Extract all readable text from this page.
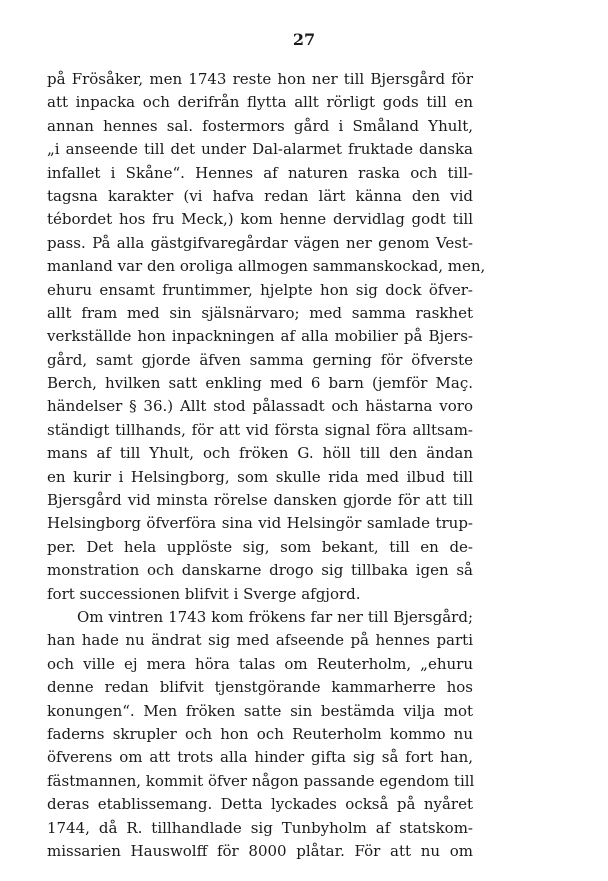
27
på Frösåker, men 1743 reste hon ner till Bjersgård för
att inpacka och derifrån flytta allt rörligt gods till en
annan hennes sal. fostermors gård i Småland Yhult,
„i anseende till det under Dal-alarmet fruktade danska
infallet i Skåne“. Hennes af naturen raska och till-
tagsna karakter (vi hafva redan lärt känna den vid
tébordet hos fru Meck,) kom henne dervidlag godt till
pass. På alla gästgifvaregårdar vägen ner genom Vest-
manland var den oroliga allmogen sammanskockad, men,
ehuru ensamt fruntimmer, hjelpte hon sig dock öfver-
allt fram med sin själsnärvaro; med samma raskhet
verkställde hon inpackningen af alla mobilier på Bjers-
gård, samt gjorde äfven samma gerning för öfverste
Berch, hvilken satt enkling med 6 barn (jemför Maç.
händelser § 36.) Allt stod pålassadt och hästarna voro
ständigt tillhands, för att vid första signal föra alltsam-
mans af till Yhult, och fröken G. höll till den ändan
en kurir i Helsingborg, som skulle rida med ilbud till
Bjersgård vid minsta rörelse dansken gjorde för att till
Helsingborg öfverföra sina vid Helsingör samlade trup-
per. Det hela upplöste sig, som bekant, till en de-
monstration och danskarne drogo sig tillbaka igen så
fort successionen blifvit i Sverge afgjord.
Om vintren 1743 kom frökens far ner till Bjersgård;
han hade nu ändrat sig med afseende på hennes parti
och ville ej mera höra talas om Reuterholm, „ehuru
denne redan blifvit tjenstgörande kammarherre hos
konungen“. Men fröken satte sin bestämda vilja mot
faderns skrupler och hon och Reuterholm kommo nu
öfverens om att trots alla hinder gifta sig så fort han,
fästmannen, kommit öfver någon passande egendom till
deras etablissemang. Detta lyckades också på nyåret
1744, då R. tillhandlade sig Tunbyholm af statskom-
missarien Hauswolff för 8000 plåtar. För att nu om
